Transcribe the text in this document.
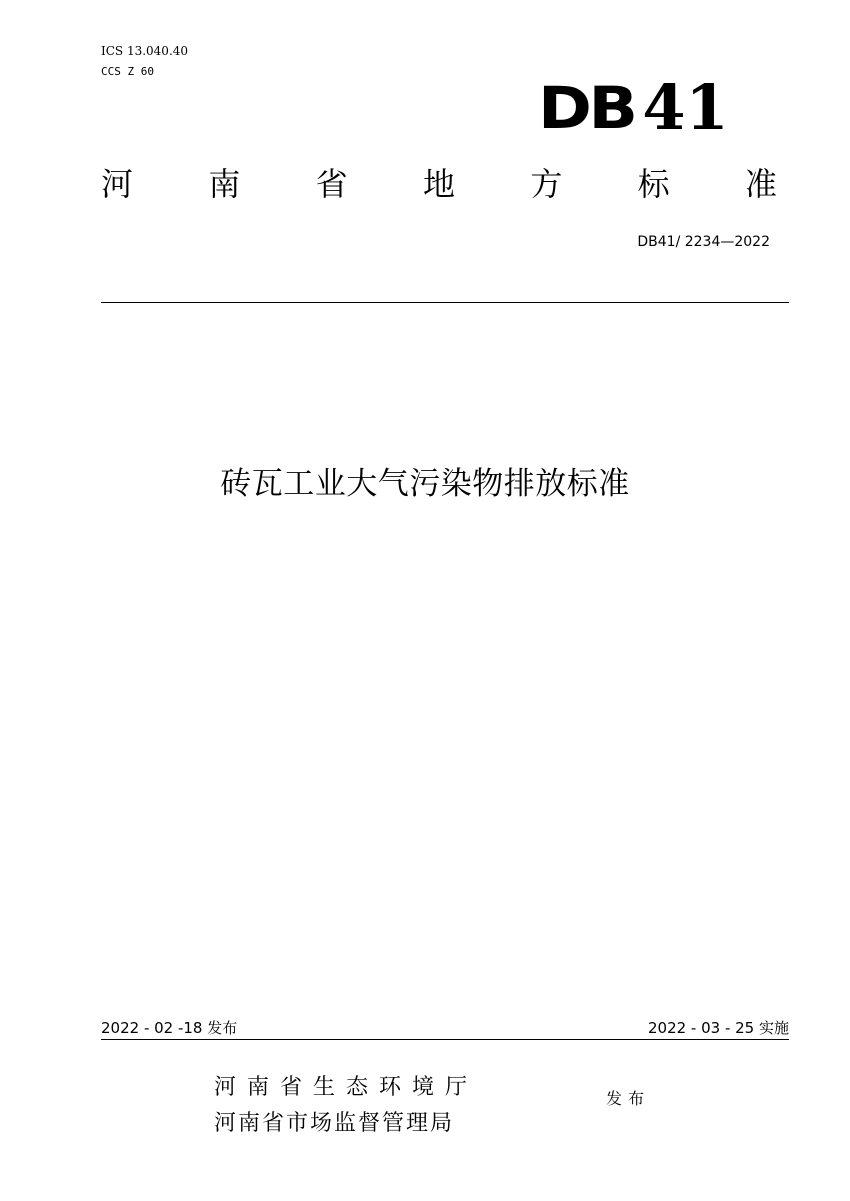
ICS 13.040.40
CCS Z 60
DB 41
河 南 省 地 方 标 准
DB41/ 2234—2022
砖瓦工业大气污染物排放标准
2022 - 02 -18 发布	2022 - 03 - 25 实施
河南省生态环境厅
河南省市场监督管理局
发布
